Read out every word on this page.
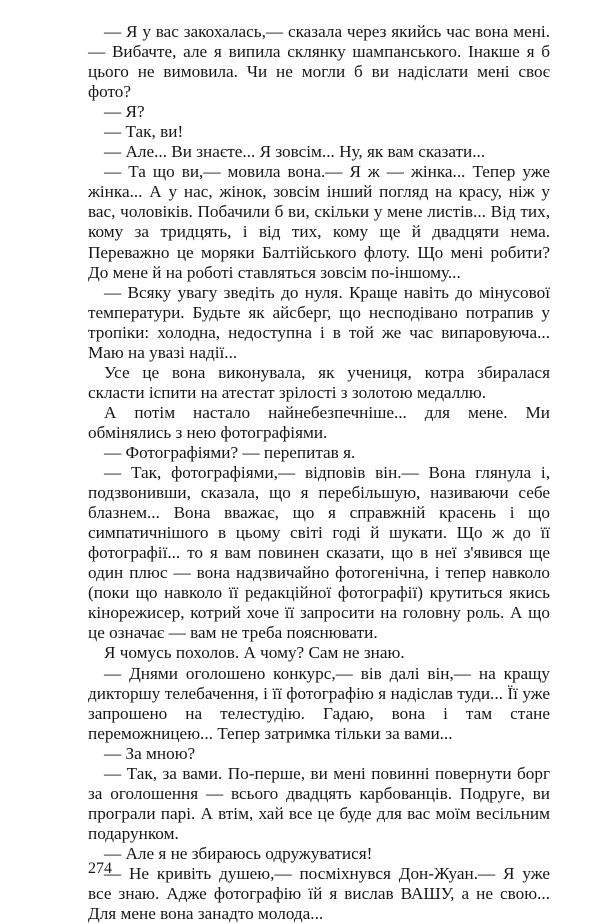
— Я у вас закохалась,— сказала через якийсь час вона мені.— Вибачте, але я випила склянку шампанського. Інакше я б цього не вимовила. Чи не могли б ви надіслати мені своє фото?

— Я?

— Так, ви!

— Але... Ви знаєте... Я зовсім... Ну, як вам сказати...

— Та що ви,— мовила вона.— Я ж — жінка... Тепер уже жінка... А у нас, жінок, зовсім інший погляд на красу, ніж у вас, чоловіків. Побачили б ви, скільки у мене листів... Від тих, кому за тридцять, і від тих, кому ще й двадцяти нема. Переважно це моряки Балтійського флоту. Що мені робити? До мене й на роботі ставляться зовсім по-іншому...

— Всяку увагу зведіть до нуля. Краще навіть до мінусової температури. Будьте як айсберг, що несподівано потрапив у тропіки: холодна, недоступна і в той же час випаровуюча... Маю на увазі надії...

Усе це вона виконувала, як учениця, котра збиралася скласти іспити на атестат зрілості з золотою медаллю.

А потім настало найнебезпечніше... для мене. Ми обмінялись з нею фотографіями.

— Фотографіями? — перепитав я.

— Так, фотографіями,— відповів він.— Вона глянула і, подзвонивши, сказала, що я перебільшую, називаючи себе блазнем... Вона вважає, що я справжній красень і що симпатичнішого в цьому світі годі й шукати. Що ж до її фотографії... то я вам повинен сказати, що в неї з'явився ще один плюс — вона надзвичайно фотогенічна, і тепер навколо (поки що навколо її редакційної фотографії) крутиться якись кінорежисер, котрий хоче її запросити на головну роль. А що це означає — вам не треба пояснювати.

Я чомусь похолов. А чому? Сам не знаю.

— Днями оголошено конкурс,— вів далі він,— на кращу дикторшу телебачення, і її фотографію я надіслав туди... Її уже запрошено на телестудію. Гадаю, вона і там стане переможницею... Тепер затримка тільки за вами...

— За мною?

— Так, за вами. По-перше, ви мені повинні повернути борг за оголошення — всього двадцять карбованців. Подруге, ви програли парі. А втім, хай все це буде для вас моїм весільним подарунком.

— Але я не збираюсь одружуватися!

— Не кривіть душею,— посміхнувся Дон-Жуан.— Я уже все знаю. Адже фотографію їй я вислав ВАШУ, а не свою... Для мене вона занадто молода...

274
